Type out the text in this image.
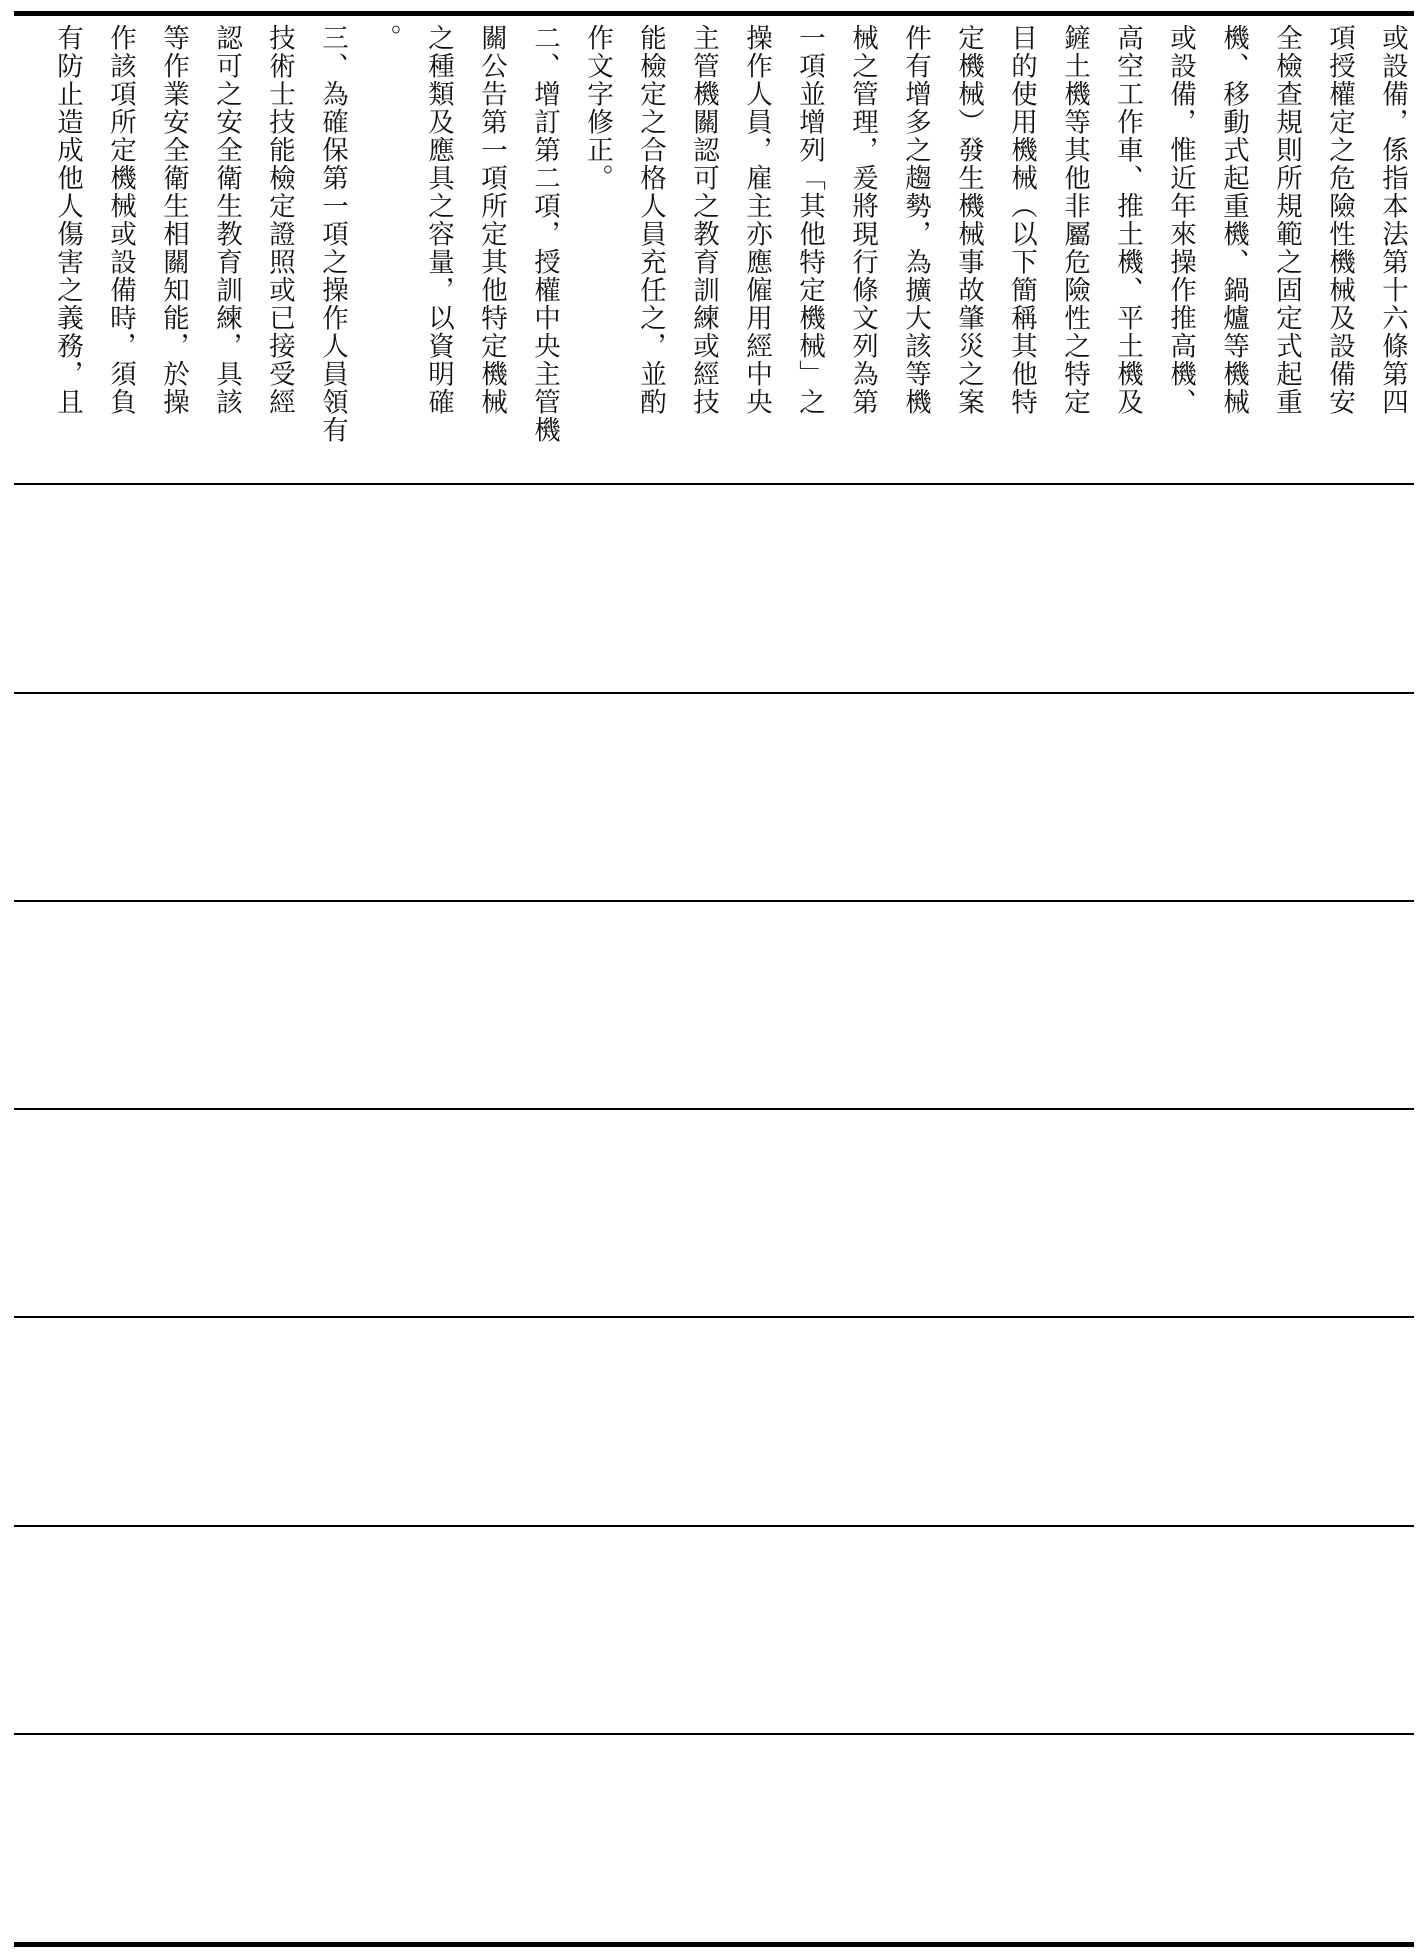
或設備，係指本法第十六條第四
項授權定之危險性機械及設備安
全檢查規則所規範之固定式起重
機、移動式起重機、鍋爐等機械
或設備，惟近年來操作推高機、
高空工作車、推土機、平土機及
鏟土機等其他非屬危險性之特定
目的使用機械（以下簡稱其他特
定機械）發生機械事故肇災之案
件有增多之趨勢，為擴大該等機
械之管理，爰將現行條文列為第
一項並增列「其他特定機械」之
操作人員，雇主亦應僱用經中央
主管機關認可之教育訓練或經技
能檢定之合格人員充任之，並酌
作文字修正。
二、增訂第二項，授權中央主管機
關公告第一項所定其他特定機械
之種類及應具之容量，以資明確
。
三、為確保第一項之操作人員領有
技術士技能檢定證照或已接受經
認可之安全衛生教育訓練，具該
等作業安全衛生相關知能，於操
作該項所定機械或設備時，須負
有防止造成他人傷害之義務，且
